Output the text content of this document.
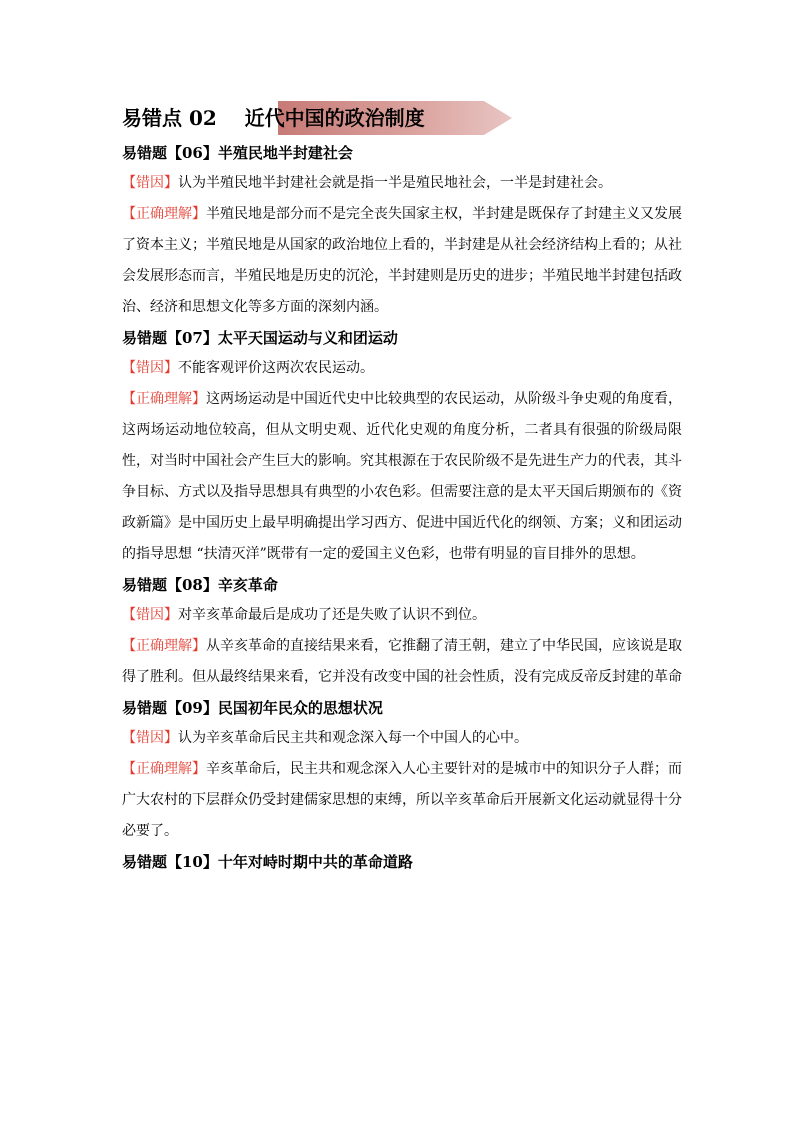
易错点 02    近代中国的政治制度
易错题【06】半殖民地半封建社会

【错因】认为半殖民地半封建社会就是指一半是殖民地社会，一半是封建社会。

【正确理解】半殖民地是部分而不是完全丧失国家主权，半封建是既保存了封建主义又发展了资本主义；半殖民地是从国家的政治地位上看的，半封建是从社会经济结构上看的；从社会发展形态而言，半殖民地是历史的沉沦，半封建则是历史的进步；半殖民地半封建包括政治、经济和思想文化等多方面的深刻内涵。

易错题【07】太平天国运动与义和团运动

【错因】不能客观评价这两次农民运动。

【正确理解】这两场运动是中国近代史中比较典型的农民运动，从阶级斗争史观的角度看，这两场运动地位较高，但从文明史观、近代化史观的角度分析，二者具有很强的阶级局限性，对当时中国社会产生巨大的影响。究其根源在于农民阶级不是先进生产力的代表，其斗争目标、方式以及指导思想具有典型的小农色彩。但需要注意的是太平天国后期颁布的《资政新篇》是中国历史上最早明确提出学习西方、促进中国近代化的纲领、方案；义和团运动的指导思想 “扶清灭洋”既带有一定的爱国主义色彩，也带有明显的盲目排外的思想。

易错题【08】辛亥革命

【错因】对辛亥革命最后是成功了还是失败了认识不到位。

【正确理解】从辛亥革命的直接结果来看，它推翻了清王朝，建立了中华民国，应该说是取得了胜利。但从最终结果来看，它并没有改变中国的社会性质，没有完成反帝反封建的革命

易错题【09】民国初年民众的思想状况

【错因】认为辛亥革命后民主共和观念深入每一个中国人的心中。

【正确理解】辛亥革命后，民主共和观念深入人心主要针对的是城市中的知识分子人群；而广大农村的下层群众仍受封建儒家思想的束缚，所以辛亥革命后开展新文化运动就显得十分必要了。

易错题【10】十年对峙时期中共的革命道路
